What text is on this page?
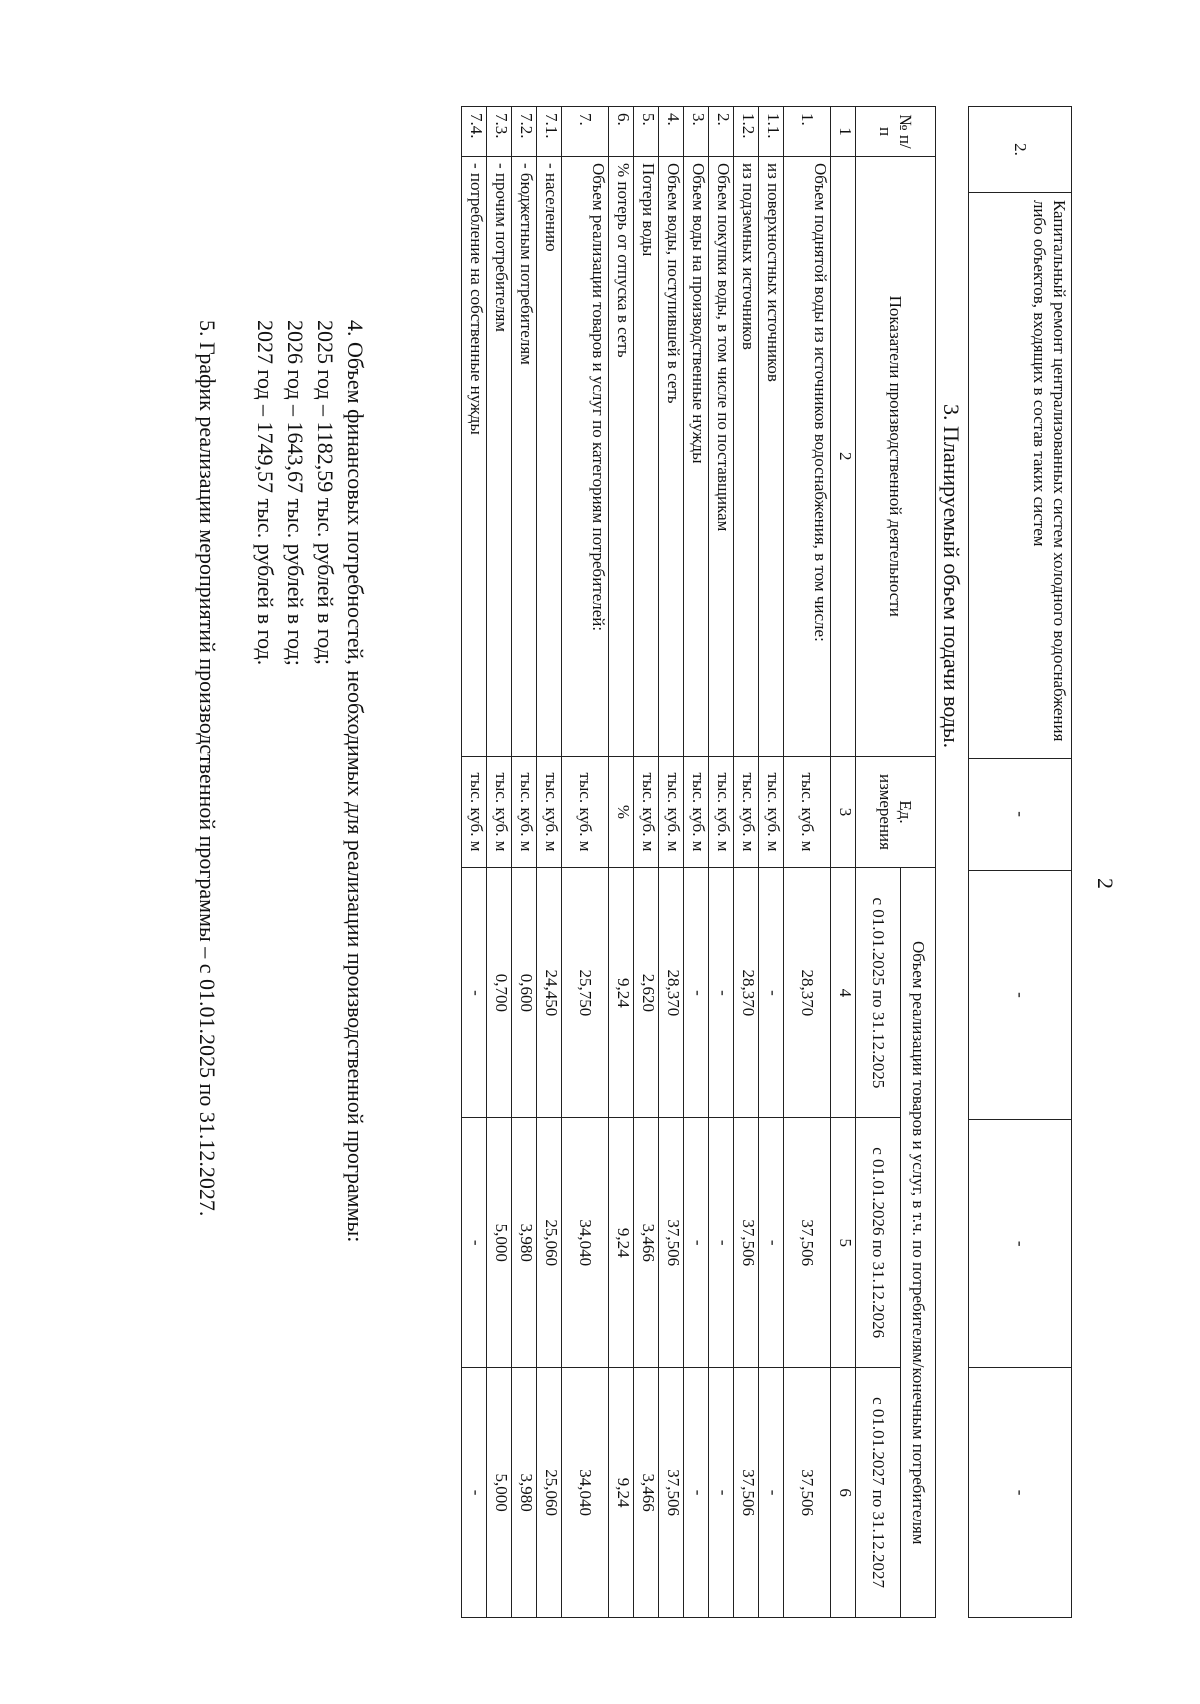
2
2.	Капитальный ремонт централизованных систем холодного водоснабжения либо объектов, входящих в состав таких систем	-	-	-	-
3. Планируемый объем подачи воды.
№ п/п	Показатели производственной деятельности	Ед. измерения	Объем реализации товаров и услуг, в т.ч. по потребителям/конечным потребителям		
			с 01.01.2025 по 31.12.2025	с 01.01.2026 по 31.12.2026	с 01.01.2027 по 31.12.2027
1	2	3	4	5	6
1.	Объем поднятой воды из источников водоснабжения, в том числе:	тыс. куб. м	28,370	37,506	37,506
1.1.	из поверхностных источников	тыс. куб. м	-	-	-
1.2.	из подземных источников	тыс. куб. м	28,370	37,506	37,506
2.	Объем покупки воды, в том числе по поставщикам	тыс. куб. м	-	-	-
3.	Объем воды на производственные нужды	тыс. куб. м	-	-	-
4.	Объем воды, поступившей в сеть	тыс. куб. м	28,370	37,506	37,506
5.	Потери воды	тыс. куб. м	2,620	3,466	3,466
6.	% потерь от отпуска в сеть	%	9,24	9,24	9,24
7.	Объем реализации товаров и услуг по категориям потребителей:	тыс. куб. м	25,750	34,040	34,040
7.1.	- населению	тыс. куб. м	24,450	25,060	25,060
7.2.	- бюджетным потребителям	тыс. куб. м	0,600	3,980	3,980
7.3.	- прочим потребителям	тыс. куб. м	0,700	5,000	5,000
7.4.	- потребление на собственные нужды	тыс. куб. м	-	-	-
4. Объем финансовых потребностей, необходимых для реализации производственной программы:
2025 год – 1182,59 тыс. рублей в год;
2026 год – 1643,67 тыс. рублей в год;
2027 год – 1749,57 тыс. рублей в год.
5. График реализации мероприятий производственной программы – с 01.01.2025 по 31.12.2027.
